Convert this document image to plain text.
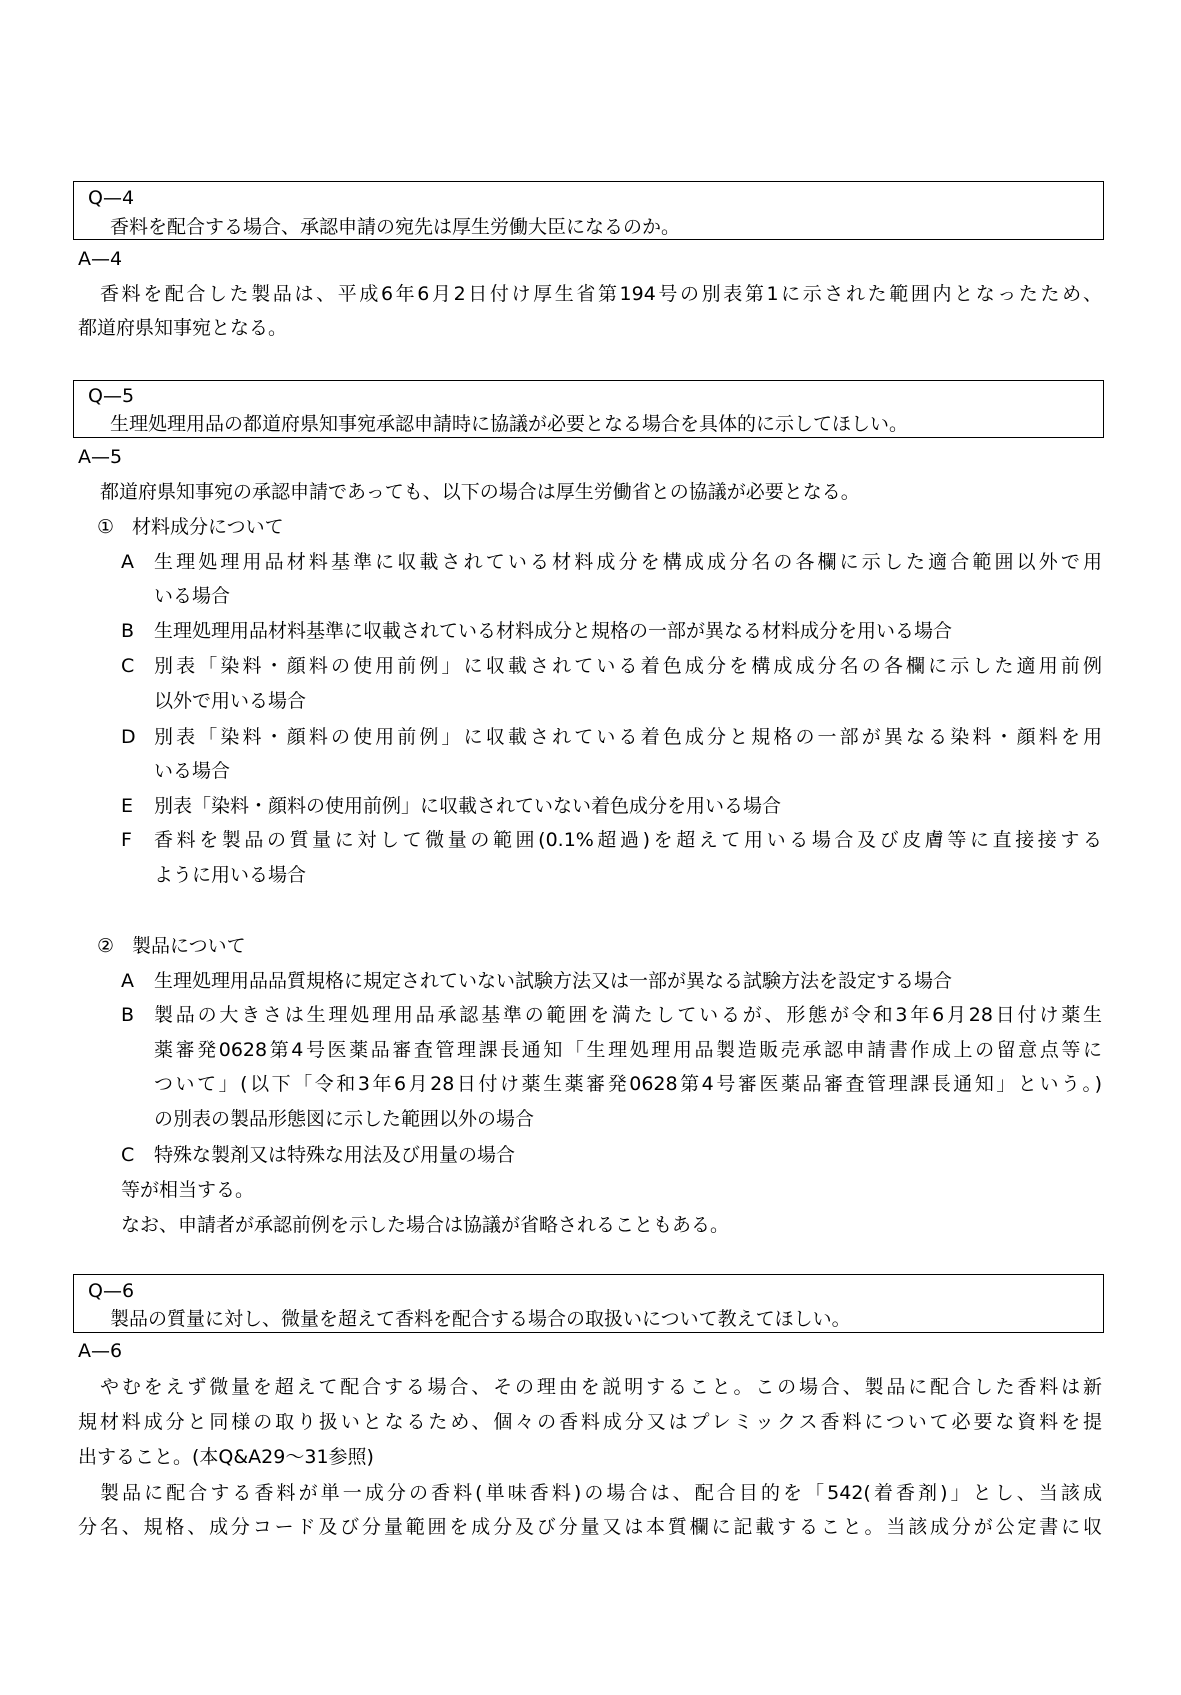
Q—4
香料を配合する場合、承認申請の宛先は厚生労働大臣になるのか。
A—4
香料を配合した製品は、平成6年6月2日付け厚生省第194号の別表第1に示された範囲内となったため、
都道府県知事宛となる。
Q—5
生理処理用品の都道府県知事宛承認申請時に協議が必要となる場合を具体的に示してほしい。
A—5
都道府県知事宛の承認申請であっても、以下の場合は厚生労働省との協議が必要となる。
① 材料成分について
A 生理処理用品材料基準に収載されている材料成分を構成成分名の各欄に示した適合範囲以外で用
いる場合
B 生理処理用品材料基準に収載されている材料成分と規格の一部が異なる材料成分を用いる場合
C 別表「染料・顔料の使用前例」に収載されている着色成分を構成成分名の各欄に示した適用前例
以外で用いる場合
D 別表「染料・顔料の使用前例」に収載されている着色成分と規格の一部が異なる染料・顔料を用
いる場合
E 別表「染料・顔料の使用前例」に収載されていない着色成分を用いる場合
F 香料を製品の質量に対して微量の範囲(0.1%超過)を超えて用いる場合及び皮膚等に直接接する
ように用いる場合
② 製品について
A 生理処理用品品質規格に規定されていない試験方法又は一部が異なる試験方法を設定する場合
B 製品の大きさは生理処理用品承認基準の範囲を満たしているが、形態が令和3年6月28日付け薬生
薬審発0628第4号医薬品審査管理課長通知「生理処理用品製造販売承認申請書作成上の留意点等に
ついて」(以下「令和3年6月28日付け薬生薬審発0628第4号審医薬品審査管理課長通知」という。)
の別表の製品形態図に示した範囲以外の場合
C 特殊な製剤又は特殊な用法及び用量の場合
等が相当する。
なお、申請者が承認前例を示した場合は協議が省略されることもある。
Q—6
製品の質量に対し、微量を超えて香料を配合する場合の取扱いについて教えてほしい。
A—6
やむをえず微量を超えて配合する場合、その理由を説明すること。この場合、製品に配合した香料は新
規材料成分と同様の取り扱いとなるため、個々の香料成分又はプレミックス香料について必要な資料を提
出すること。(本Q&A29～31参照)
製品に配合する香料が単一成分の香料(単味香料)の場合は、配合目的を「542(着香剤)」とし、当該成
分名、規格、成分コード及び分量範囲を成分及び分量又は本質欄に記載すること。当該成分が公定書に収
